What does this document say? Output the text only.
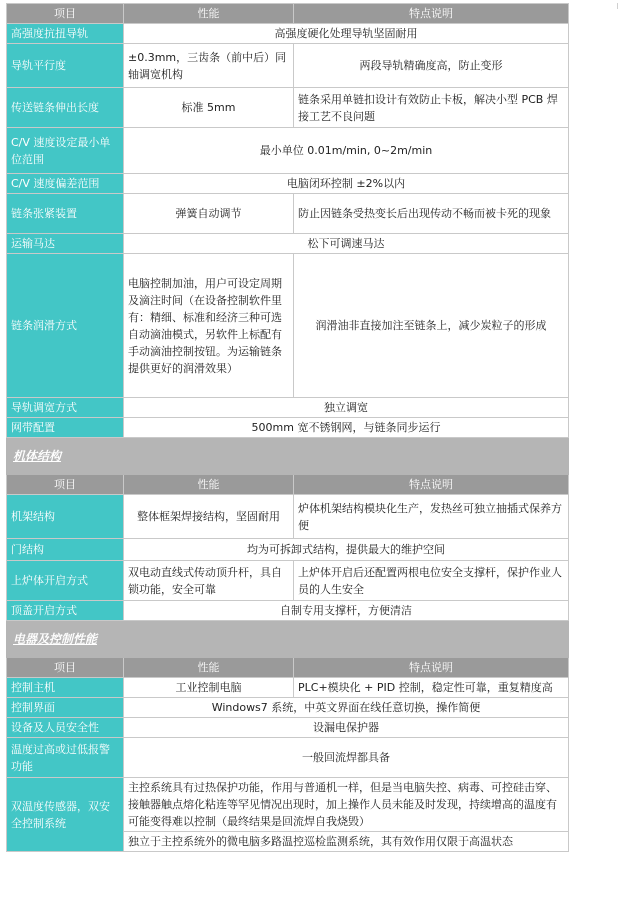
项目	性能	特点说明
高强度抗扭导轨	高强度硬化处理导轨坚固耐用	
导轨平行度	±0.3mm，三齿条（前中后）同轴调宽机构	两段导轨精确度高，防止变形
传送链条伸出长度	标准 5mm	链条采用单链扣设计有效防止卡板，解决小型 PCB 焊接工艺不良问题
C/V 速度设定最小单位范围	最小单位 0.01m/min, 0~2m/min	
C/V 速度偏差范围	电脑闭环控制 ±2%以内	
链条张紧装置	弹簧自动调节	防止因链条受热变长后出现传动不畅而被卡死的现象
运输马达	松下可调速马达	
链条润滑方式	电脑控制加油，用户可设定周期及滴注时间（在设备控制软件里有：精细、标准和经济三种可选自动滴油模式，另软件上标配有手动滴油控制按钮。为运输链条提供更好的润滑效果）	润滑油非直接加注至链条上，减少炭粒子的形成
导轨调宽方式	独立调宽	
网带配置	500mm 宽不锈钢网，与链条同步运行	
机体结构		
项目	性能	特点说明
机架结构	整体框架焊接结构，坚固耐用	炉体机架结构模块化生产，发热丝可独立抽插式保养方便
门结构	均为可拆卸式结构，提供最大的维护空间	
上炉体开启方式	双电动直线式传动顶升杆，具自锁功能，安全可靠	上炉体开启后还配置两根电位安全支撑杆，保护作业人员的人生安全
顶盖开启方式	自制专用支撑杆，方便清洁	
电器及控制性能		
项目	性能	特点说明
控制主机	工业控制电脑	PLC+模块化 + PID 控制，稳定性可靠，重复精度高
控制界面	Windows7 系统，中英文界面在线任意切换，操作简便	
设备及人员安全性	设漏电保护器	
温度过高或过低报警功能	一般回流焊都具备	
双温度传感器，双安全控制系统	主控系统具有过热保护功能，作用与普通机一样，但是当电脑失控、病毒、可控硅击穿、接触器触点熔化粘连等罕见情况出现时，加上操作人员未能及时发现，持续增高的温度有可能变得难以控制（最终结果是回流焊自我烧毁）	
	独立于主控系统外的微电脑多路温控巡检监测系统，其有效作用仅限于高温状态	
